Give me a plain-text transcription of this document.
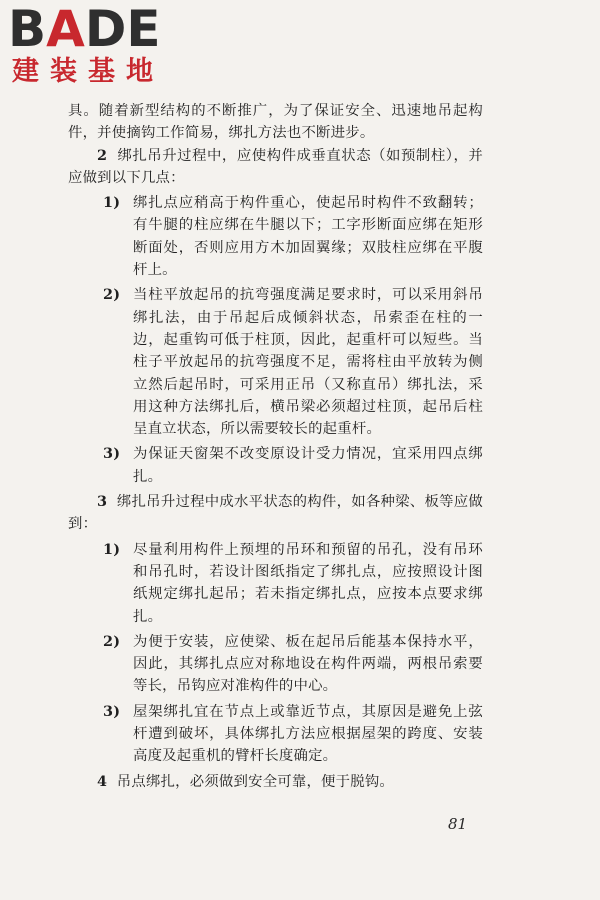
BADE
建装基地

具。随着新型结构的不断推广，为了保证安全、迅速地吊起构件，并使摘钩工作简易，绑扎方法也不断进步。

2 绑扎吊升过程中，应使构件成垂直状态（如预制柱），并应做到以下几点：

1) 绑扎点应稍高于构件重心，使起吊时构件不致翻转；有牛腿的柱应绑在牛腿以下；工字形断面应绑在矩形断面处，否则应用方木加固翼缘；双肢柱应绑在平腹杆上。
2) 当柱平放起吊的抗弯强度满足要求时，可以采用斜吊绑扎法，由于吊起后成倾斜状态，吊索歪在柱的一边，起重钩可低于柱顶，因此，起重杆可以短些。当柱子平放起吊的抗弯强度不足，需将柱由平放转为侧立然后起吊时，可采用正吊（又称直吊）绑扎法，采用这种方法绑扎后，横吊梁必须超过柱顶，起吊后柱呈直立状态，所以需要较长的起重杆。
3) 为保证天窗架不改变原设计受力情况，宜采用四点绑扎。

3 绑扎吊升过程中成水平状态的构件，如各种梁、板等应做到：

1) 尽量利用构件上预埋的吊环和预留的吊孔，没有吊环和吊孔时，若设计图纸指定了绑扎点，应按照设计图纸规定绑扎起吊；若未指定绑扎点，应按本点要求绑扎。
2) 为便于安装，应使梁、板在起吊后能基本保持水平，因此，其绑扎点应对称地设在构件两端，两根吊索要等长，吊钩应对准构件的中心。
3) 屋架绑扎宜在节点上或靠近节点，其原因是避免上弦杆遭到破坏，具体绑扎方法应根据屋架的跨度、安装高度及起重机的臂杆长度确定。

4 吊点绑扎，必须做到安全可靠，便于脱钩。

81
